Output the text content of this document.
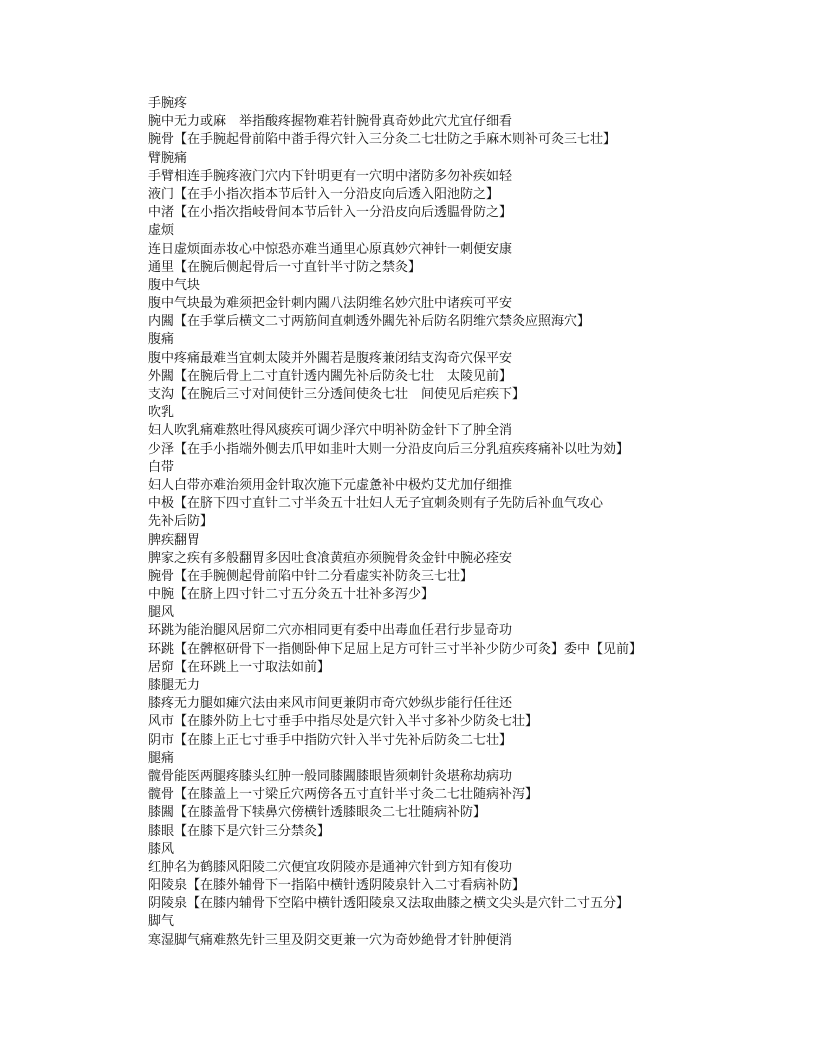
手腕疼
腕中无力或麻　举指酸疼握物难若针腕骨真奇妙此穴尤宜仔细看
腕骨【在手腕起骨前陷中畨手得穴针入三分灸二七壮防之手麻木则补可灸三七壮】
臂腕痛
手臂相连手腕疼液门穴内下针明更有一穴明中渚防多勿补疾如轻
液门【在手小指次指本节后针入一分沿皮向后透入阳池防之】
中渚【在小指次指岐骨间本节后针入一分沿皮向后透腽骨防之】
虚烦
连日虚烦面赤妆心中惊恐亦难当通里心原真妙穴神针一刺便安康
通里【在腕后侧起骨后一寸直针半寸防之禁灸】
腹中气块
腹中气块最为难须把金针刺内闗八法阴维名妙穴肚中诸疾可平安
内闗【在手掌后横文二寸两筋间直刺透外闗先补后防名阴维穴禁灸应照海穴】
腹痛
腹中疼痛最难当宜刺太陵并外闗若是腹疼兼闭结支沟奇穴保平安
外闗【在腕后骨上二寸直针透内闗先补后防灸七壮　太陵见前】
支沟【在腕后三寸对间使针三分透间使灸七壮　间使见后疟疾下】
吹乳
妇人吹乳痛难熬吐得风痰疾可调少泽穴中明补防金针下了肿全消
少泽【在手小指端外侧去爪甲如韭叶大则一分沿皮向后三分乳疽疾疼痛补以吐为効】
白带
妇人白带亦难治须用金针取次施下元虚惫补中极灼艾尤加仔细推
中极【在脐下四寸直针二寸半灸五十壮妇人无子宜刺灸则有子先防后补血气攻心
先补后防】
脾疾翻胃
脾家之疾有多般翻胃多因吐食飡黄疸亦须腕骨灸金针中腕必痊安
腕骨【在手腕侧起骨前陷中针二分看虚实补防灸三七壮】
中腕【在脐上四寸针二寸五分灸五十壮补多泻少】
腿风
环跳为能治腿风居窌二穴亦相同更有委中出毒血任君行步显奇功
环跳【在髀枢研骨下一指侧卧伸下足屈上足方可针三寸半补少防少可灸】委中【见前】
居窌【在环跳上一寸取法如前】
膝腿无力
膝疼无力腿如瘫穴法由来风市间更兼阴市奇穴妙纵步能行任往还
风市【在膝外防上七寸垂手中指尽处是穴针入半寸多补少防灸七壮】
阴市【在膝上正七寸垂手中指防穴针入半寸先补后防灸二七壮】
腿痛
髋骨能医两腿疼膝头红肿一般同膝闗膝眼皆须刺针灸堪称劫病功
髋骨【在膝盖上一寸梁丘穴两傍各五寸直针半寸灸二七壮随病补泻】
膝闗【在膝盖骨下犊鼻穴傍横针透膝眼灸二七壮随病补防】
膝眼【在膝下是穴针三分禁灸】
膝风
红肿名为鹤膝风阳陵二穴便宜攻阴陵亦是通神穴针到方知有俊功
阳陵泉【在膝外辅骨下一指陷中横针透阴陵泉针入二寸看病补防】
阴陵泉【在膝内辅骨下空陷中横针透阳陵泉又法取曲膝之横文尖头是穴针二寸五分】
脚气
寒湿脚气痛难熬先针三里及阴交更兼一穴为奇妙絶骨才针肿便消
